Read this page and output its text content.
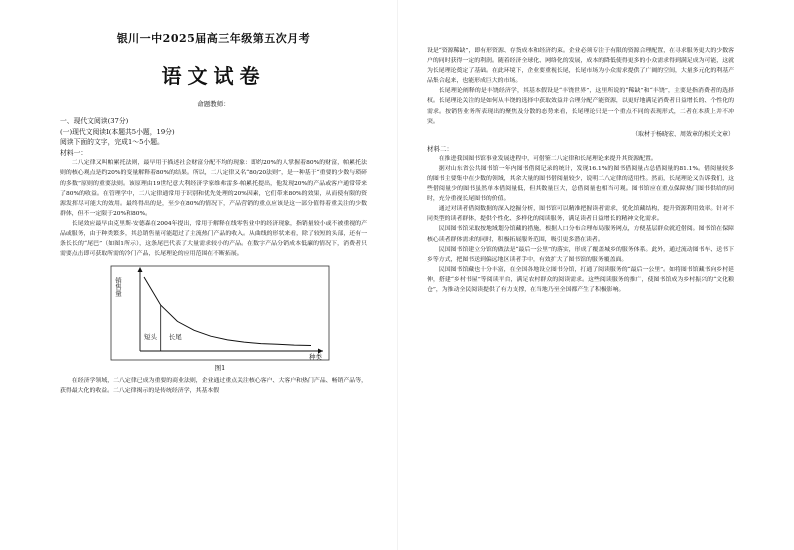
银川一中2025届高三年级第五次月考
语文试卷
命题教师：
一、现代文阅读(37分)
(一)现代文阅读Ⅰ(本题共5小题，19分)
阅读下面的文字，完成1～5小题。
材料一：

二八定律又叫帕累托法则，最早用于描述社会财富分配不均的现象：即约20%的人掌握着80%的财富，帕累托法则的核心观点是约20%的变量解释着80%的结果。所以，二八定律又名“80/20法则”，是一种基于“重要的少数与琐碎的多数”原则的重要法则。该原理由19世纪意大利经济学家维弗雷多·帕累托提出，他发现20%的产品或客户通常带来了80%的收益。在管理学中，二八定律通常用于识别和优先处理的20%因素，它们带来80%的效果，从而使有限的资源发挥尽可能大的效用。最终得出的是，至少在80%的情况下，产品营销的重点应该是这一部分值得着重关注的少数群体，但不一定限于20%和80%。

长尾效应最早由克里斯·安德森在2004年提出，常用于解释在线零售业中的经济现象，指销量较小或不被重视的产品或服务，由于种类繁多，其总销售量可能超过了主流热门产品的收入。从曲线的形状来看，除了较短的头部，还有一条长长的“尾巴”（如图1所示），这条尾巴代表了大量需求较小的产品。在数字产品分销成本低廉的情况下，消费者只需要点击即可获取所需的冷门产品，长尾理论的应用范围在不断拓展。

销售量
种类
短头 长尾
图1

在经济学领域，二八定律已成为重要的商业法则，企业通过重点关注核心客户、大客户和热门产品、畅销产品等，获得最大化的收益。二八定律揭示的是传统经济学，其基本假

设是“资源稀缺”，即有形资源、存货成本和经济约束。企业必须专注于有限的资源合理配置，在寻求服务更大的少数客户的同时获得一定的利润。随着经济全球化、网络化的发展，成本的降低使得更多的小众需求得到满足成为可能，这就为长尾理论奠定了基础。在此环境下，企业要重视长尾，长尾市场为小众需求提供了广阔的空间，大量多元化的利基产品集合起来，也能形成巨大的市场。

长尾理论阐释的是丰饶经济学，其基本假设是“丰饶世界”，这里所说的“稀缺”和“丰饶”，主要是指消费者的选择权。长尾理论关注的是如何从丰饶的选择中获取效益并合理分配产能资源，以更好地满足消费者日益增长的、个性化的需求。按销售业务所表现出的聚焦及分散的态势来看，长尾理论只是一个重点不同的表现形式，二者在本质上并不冲突。

（取材于杨晓宏、周效章的相关文章）
材料二：

在推进我国图书馆事业发展进程中，可借鉴二八定律和长尾理论来提升其资源配置。

据对山东省公共图书馆一年内图书借阅记录的统计，发现16.1%的图书借阅量占总借阅量的81.1%。借阅量较多的图书主要集中在少数的领域，其余大量的图书借阅量较少，说明二八定律的适用性。然而，长尾理论又告诉我们，这些借阅量少的图书虽然单本借阅量低，但其数量巨大，总借阅量也相当可观。图书馆应在重点保障热门图书供给的同时，充分重视长尾图书的价值。

通过对读者借阅数据的深入挖掘分析，图书馆可以精准把握读者需求，优化馆藏结构，提升资源利用效率。针对不同类型的读者群体，提供个性化、多样化的阅读服务，满足读者日益增长的精神文化需求。

民国图书馆采取按地域划分馆藏的措施，根据人口分布合理布局服务网点，方便基层群众就近借阅。图书馆在保障核心读者群体需求的同时，积极拓展服务范围，吸引更多潜在读者。

民国图书馆建立分馆的做法是“最后一公里”的落实，形成了覆盖城乡的服务体系。此外，通过流动图书车、送书下乡等方式，把图书送到偏远地区读者手中，有效扩大了图书馆的服务覆盖面。

民国图书馆藏也十分丰富，在全国各地设立图书分馆，打通了阅读服务的“最后一公里”。如将图书馆藏书向乡村延伸，搭建“乡村书屋”等阅读平台，满足农村群众的阅读需求。这些阅读服务的推广，使图书馆成为乡村振兴的“文化粮仓”，为推动全民阅读提供了有力支撑，在当地乃至全国都产生了积极影响。
